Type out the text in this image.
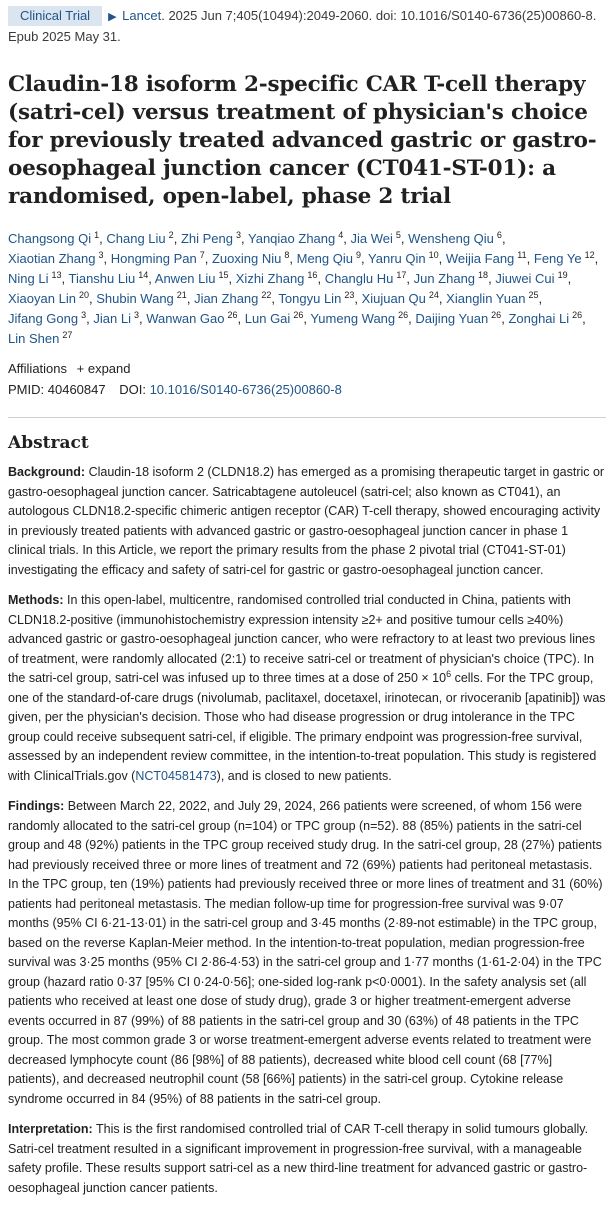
Clinical Trial ▶ Lancet. 2025 Jun 7;405(10494):2049-2060. doi: 10.1016/S0140-6736(25)00860-8. Epub 2025 May 31.
Claudin-18 isoform 2-specific CAR T-cell therapy (satri-cel) versus treatment of physician's choice for previously treated advanced gastric or gastro-oesophageal junction cancer (CT041-ST-01): a randomised, open-label, phase 2 trial
Changsong Qi $^1$, Chang Liu $^2$, Zhi Peng $^3$, Yanqiao Zhang $^4$, Jia Wei $^5$, Wensheng Qiu $^6$, Xiaotian Zhang $^3$, Hongming Pan $^7$, Zuoxing Niu $^8$, Meng Qiu $^9$, Yanru Qin $^{10}$, Weijia Fang $^{11}$, Feng Ye $^{12}$, Ning Li $^{13}$, Tianshu Liu $^{14}$, Anwen Liu $^{15}$, Xizhi Zhang $^{16}$, Changlu Hu $^{17}$, Jun Zhang $^{18}$, Jiuwei Cui $^{19}$, Xiaoyan Lin $^{20}$, Shubin Wang $^{21}$, Jian Zhang $^{22}$, Tongyu Lin $^{23}$, Xiujuan Qu $^{24}$, Xianglin Yuan $^{25}$, Jifang Gong $^3$, Jian Li $^3$, Wanwan Gao $^{26}$, Lun Gai $^{26}$, Yumeng Wang $^{26}$, Daijing Yuan $^{26}$, Zonghai Li $^{26}$, Lin Shen $^{27}$
Affiliations + expand
PMID: 40460847 DOI: 10.1016/S0140-6736(25)00860-8
Abstract

Background: Claudin-18 isoform 2 (CLDN18.2) has emerged as a promising therapeutic target in gastric or gastro-oesophageal junction cancer. Satricabtagene autoleucel (satri-cel; also known as CT041), an autologous CLDN18.2-specific chimeric antigen receptor (CAR) T-cell therapy, showed encouraging activity in previously treated patients with advanced gastric or gastro-oesophageal junction cancer in phase 1 clinical trials. In this Article, we report the primary results from the phase 2 pivotal trial (CT041-ST-01) investigating the efficacy and safety of satri-cel for gastric or gastro-oesophageal junction cancer.

Methods: In this open-label, multicentre, randomised controlled trial conducted in China, patients with CLDN18.2-positive (immunohistochemistry expression intensity ≥2+ and positive tumour cells ≥40%) advanced gastric or gastro-oesophageal junction cancer, who were refractory to at least two previous lines of treatment, were randomly allocated (2:1) to receive satri-cel or treatment of physician's choice (TPC). In the satri-cel group, satri-cel was infused up to three times at a dose of $250 \times 10^6$ cells. For the TPC group, one of the standard-of-care drugs (nivolumab, paclitaxel, docetaxel, irinotecan, or rivoceranib [apatinib]) was given, per the physician's decision. Those who had disease progression or drug intolerance in the TPC group could receive subsequent satri-cel, if eligible. The primary endpoint was progression-free survival, assessed by an independent review committee, in the intention-to-treat population. This study is registered with ClinicalTrials.gov (NCT04581473), and is closed to new patients.

Findings: Between March 22, 2022, and July 29, 2024, 266 patients were screened, of whom 156 were randomly allocated to the satri-cel group (n=104) or TPC group (n=52). 88 (85%) patients in the satri-cel group and 48 (92%) patients in the TPC group received study drug. In the satri-cel group, 28 (27%) patients had previously received three or more lines of treatment and 72 (69%) patients had peritoneal metastasis. In the TPC group, ten (19%) patients had previously received three or more lines of treatment and 31 (60%) patients had peritoneal metastasis. The median follow-up time for progression-free survival was 9·07 months (95% CI 6·21-13·01) in the satri-cel group and 3·45 months (2·89-not estimable) in the TPC group, based on the reverse Kaplan-Meier method. In the intention-to-treat population, median progression-free survival was 3·25 months (95% CI 2·86-4·53) in the satri-cel group and 1·77 months (1·61-2·04) in the TPC group (hazard ratio 0·37 [95% CI 0·24-0·56]; one-sided log-rank p<0·0001). In the safety analysis set (all patients who received at least one dose of study drug), grade 3 or higher treatment-emergent adverse events occurred in 87 (99%) of 88 patients in the satri-cel group and 30 (63%) of 48 patients in the TPC group. The most common grade 3 or worse treatment-emergent adverse events related to treatment were decreased lymphocyte count (86 [98%] of 88 patients), decreased white blood cell count (68 [77%] patients), and decreased neutrophil count (58 [66%] patients) in the satri-cel group. Cytokine release syndrome occurred in 84 (95%) of 88 patients in the satri-cel group.

Interpretation: This is the first randomised controlled trial of CAR T-cell therapy in solid tumours globally. Satri-cel treatment resulted in a significant improvement in progression-free survival, with a manageable safety profile. These results support satri-cel as a new third-line treatment for advanced gastric or gastro-oesophageal junction cancer patients.
